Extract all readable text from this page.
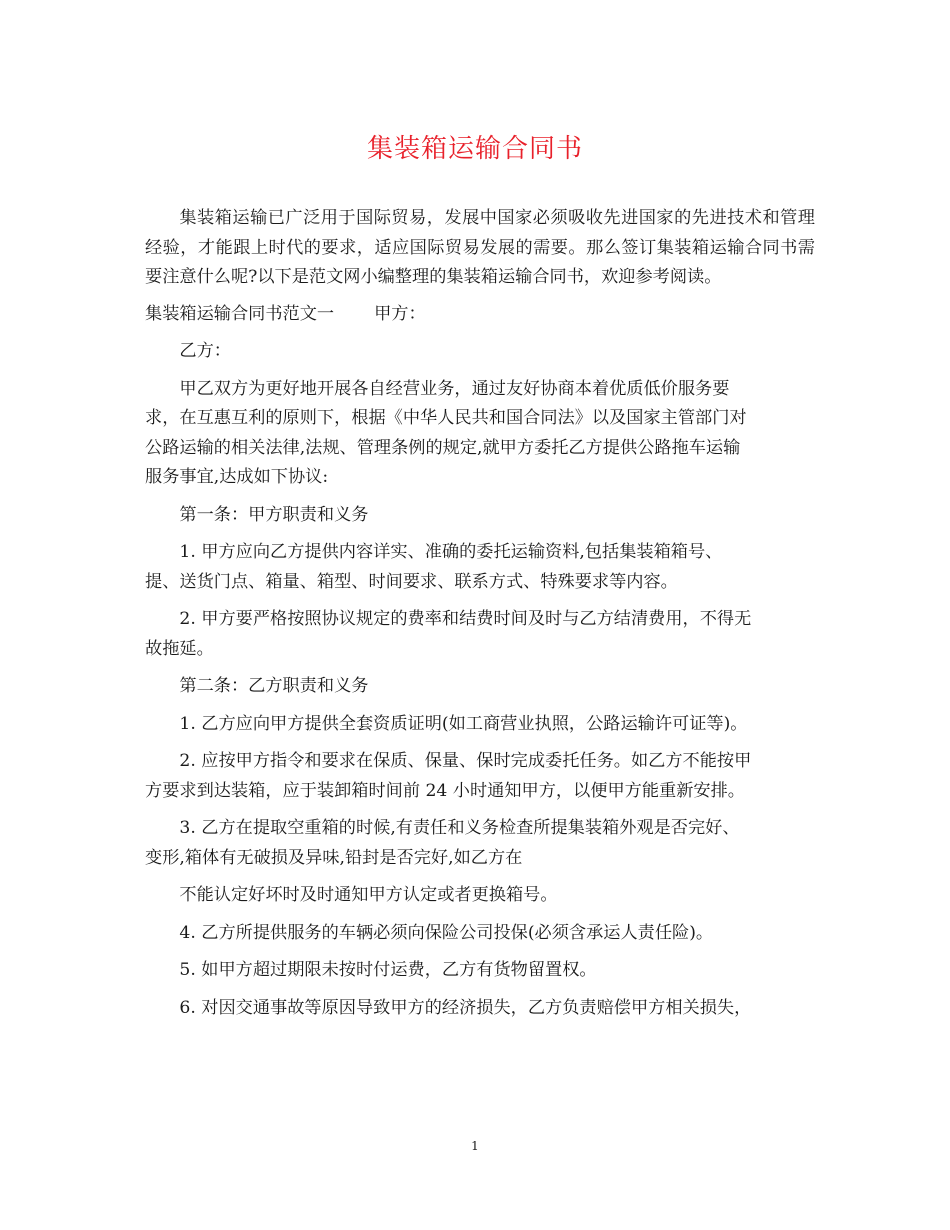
集装箱运输合同书

集装箱运输已广泛用于国际贸易，发展中国家必须吸收先进国家的先进技术和管理经验，才能跟上时代的要求，适应国际贸易发展的需要。那么签订集装箱运输合同书需要注意什么呢?以下是范文网小编整理的集装箱运输合同书，欢迎参考阅读。

集装箱运输合同书范文一 甲方：

乙方：

甲乙双方为更好地开展各自经营业务，通过友好协商本着优质低价服务要

求，在互惠互利的原则下，根据《中华人民共和国合同法》以及国家主管部门对

公路运输的相关法律,法规、管理条例的规定,就甲方委托乙方提供公路拖车运输

服务事宜,达成如下协议:

第一条：甲方职责和义务

1. 甲方应向乙方提供内容详实、准确的委托运输资料,包括集装箱箱号、

提、送货门点、箱量、箱型、时间要求、联系方式、特殊要求等内容。

2. 甲方要严格按照协议规定的费率和结费时间及时与乙方结清费用，不得无

故拖延。

第二条：乙方职责和义务

1. 乙方应向甲方提供全套资质证明(如工商营业执照，公路运输许可证等)。

2. 应按甲方指令和要求在保质、保量、保时完成委托任务。如乙方不能按甲

方要求到达装箱，应于装卸箱时间前 24 小时通知甲方，以便甲方能重新安排。

3. 乙方在提取空重箱的时候,有责任和义务检查所提集装箱外观是否完好、

变形,箱体有无破损及异味,铅封是否完好,如乙方在

不能认定好坏时及时通知甲方认定或者更换箱号。

4. 乙方所提供服务的车辆必须向保险公司投保(必须含承运人责任险)。

5. 如甲方超过期限未按时付运费，乙方有货物留置权。

6. 对因交通事故等原因导致甲方的经济损失，乙方负责赔偿甲方相关损失，

1
